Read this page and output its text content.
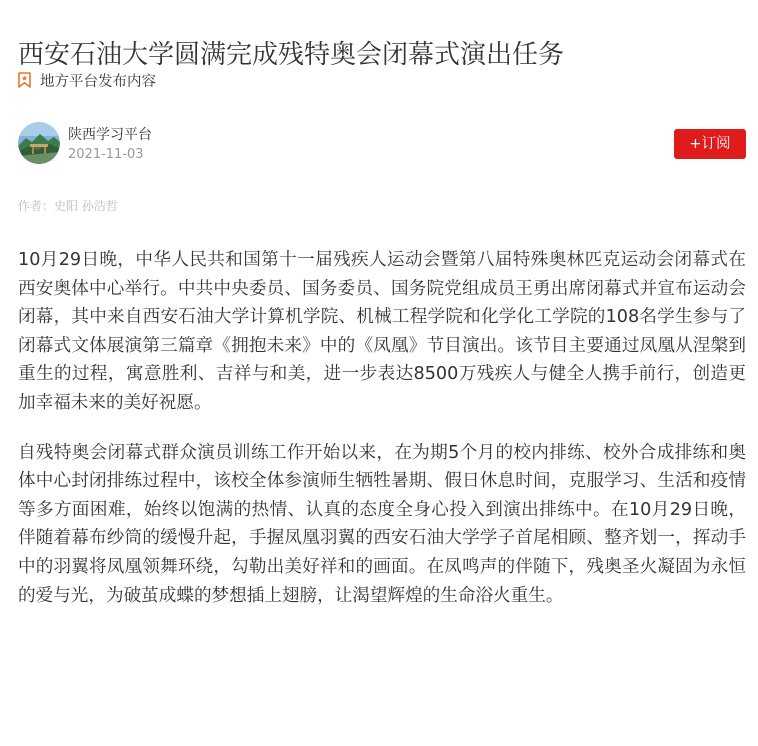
西安石油大学圆满完成残特奥会闭幕式演出任务
地方平台发布内容
陕西学习平台
2021-11-03
+订阅
作者：史阳 孙浩哲

10月29日晚，中华人民共和国第十一届残疾人运动会暨第八届特殊奥林匹克运动会闭幕式在西安奥体中心举行。中共中央委员、国务委员、国务院党组成员王勇出席闭幕式并宣布运动会闭幕，其中来自西安石油大学计算机学院、机械工程学院和化学化工学院的108名学生参与了闭幕式文体展演第三篇章《拥抱未来》中的《凤凰》节目演出。该节目主要通过凤凰从涅槃到重生的过程，寓意胜利、吉祥与和美，进一步表达8500万残疾人与健全人携手前行，创造更加幸福未来的美好祝愿。

自残特奥会闭幕式群众演员训练工作开始以来，在为期5个月的校内排练、校外合成排练和奥体中心封闭排练过程中，该校全体参演师生牺牲暑期、假日休息时间，克服学习、生活和疫情等多方面困难，始终以饱满的热情、认真的态度全身心投入到演出排练中。在10月29日晚，伴随着幕布纱筒的缓慢升起，手握凤凰羽翼的西安石油大学学子首尾相顾、整齐划一，挥动手中的羽翼将凤凰领舞环绕，勾勒出美好祥和的画面。在凤鸣声的伴随下，残奥圣火凝固为永恒的爱与光，为破茧成蝶的梦想插上翅膀，让渴望辉煌的生命浴火重生。
